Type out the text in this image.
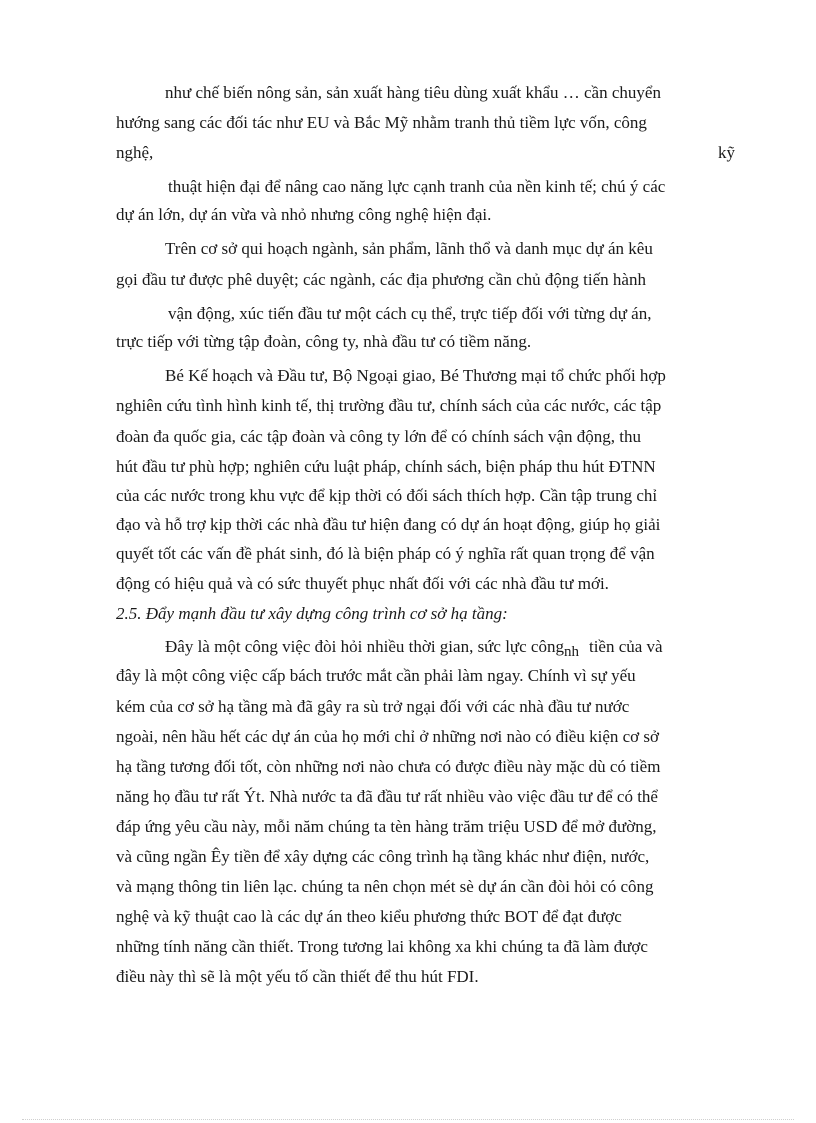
như chế biến nông sản, sản xuất hàng tiêu dùng xuất khẩu … cần chuyển
hướng sang các đối tác như EU và Bắc Mỹ nhằm tranh thủ tiềm lực vốn, công
nghệ,	kỹ
thuật hiện đại để nâng cao năng lực cạnh tranh của nền kinh tế; chú ý các
dự án lớn, dự án vừa và nhỏ nhưng công nghệ hiện đại.
Trên cơ sở qui hoạch ngành, sản phẩm, lãnh thổ và danh mục dự án kêu
gọi đầu tư được phê duyệt; các ngành, các địa phương cần chủ động tiến hành
vận động, xúc tiến đầu tư một cách cụ thể, trực tiếp đối với từng dự án,
trực tiếp với từng tập đoàn, công ty, nhà đầu tư có tiềm năng.
Bé Kế hoạch và Đầu tư, Bộ Ngoại giao, Bé Thương mại tổ chức phối hợp
nghiên cứu tình hình kinh tế, thị trường đầu tư, chính sách của các nước, các tập
đoàn đa quốc gia, các tập đoàn và công ty lớn để có chính sách vận động, thu
hút đầu tư phù hợp; nghiên cứu luật pháp, chính sách, biện pháp thu hút ĐTNN
của các nước trong khu vực để kịp thời có đối sách thích hợp. Cần tập trung chỉ
đạo và hỗ trợ kịp thời các nhà đầu tư hiện đang có dự án hoạt động, giúp họ giải
quyết tốt các vấn đề phát sinh, đó là biện pháp có ý nghĩa rất quan trọng để vận
động có hiệu quả và có sức thuyết phục nhất đối với các nhà đầu tư mới.
2.5. Đẩy mạnh đầu tư xây dựng công trình cơ sở hạ tầng:
Đây là một công việc đòi hỏi nhiều thời gian, sức lực côngnh tiền của và
đây là một công việc cấp bách trước mắt cần phải làm ngay. Chính vì sự yếu
kém của cơ sở hạ tầng mà đã gây ra sù trở ngại đối với các nhà đầu tư nước
ngoài, nên hầu hết các dự án của họ mới chỉ ở những nơi nào có điều kiện cơ sở
hạ tầng tương đối tốt, còn những nơi nào chưa có được điều này mặc dù có tiềm
năng họ đầu tư rất Ýt. Nhà nước ta đã đầu tư rất nhiều vào việc đầu tư để có thể
đáp ứng yêu cầu này, mỗi năm chúng ta tèn hàng trăm triệu USD để mở đường,
và cũng ngần Êy tiền để xây dựng các công trình hạ tầng khác như điện, nước,
và mạng thông tin liên lạc. chúng ta nên chọn mét sè dự án cần đòi hỏi có công
nghệ và kỹ thuật cao là các dự án theo kiểu phương thức BOT để đạt được
những tính năng cần thiết. Trong tương lai không xa khi chúng ta đã làm được
điều này thì sẽ là một yếu tố cần thiết để thu hút FDI.
